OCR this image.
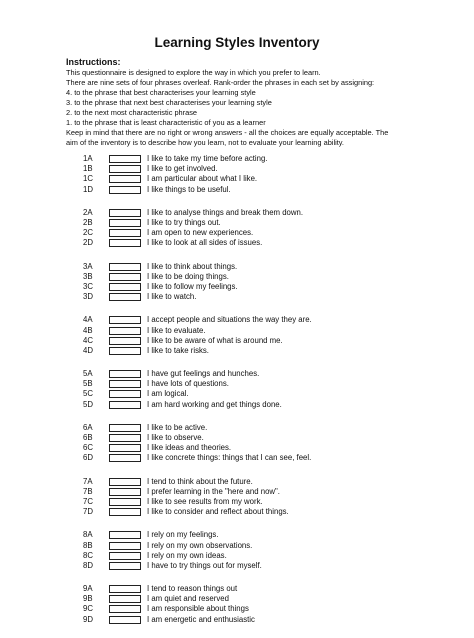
Learning Styles Inventory
Instructions:
This questionnaire is designed to explore the way in which you prefer to learn.
There are nine sets of four phrases overleaf. Rank-order the phrases in each set by assigning:
4. to the phrase that best characterises your learning style
3. to the phrase that next best characterises your learning style
2. to the next most characteristic phrase
1. to the phrase that is least characteristic of you as a learner
Keep in mind that there are no right or wrong answers - all the choices are equally acceptable. The
aim of the inventory is to describe how you learn, not to evaluate your learning ability.
1A	I like to take my time before acting.
1B	I like to get involved.
1C	I am particular about what I like.
1D	I like things to be useful.
2A	I like to analyse things and break them down.
2B	I like to try things out.
2C	I am open to new experiences.
2D	I like to look at all sides of issues.
3A	I like to think about things.
3B	I like to be doing things.
3C	I like to follow my feelings.
3D	I like to watch.
4A	I accept people and situations the way they are.
4B	I like to evaluate.
4C	I like to be aware of what is around me.
4D	I like to take risks.
5A	I have gut feelings and hunches.
5B	I have lots of questions.
5C	I am logical.
5D	I am hard working and get things done.
6A	I like to be active.
6B	I like to observe.
6C	I like ideas and theories.
6D	I like concrete things: things that I can see, feel.
7A	I tend to think about the future.
7B	I prefer learning in the "here and now".
7C	I like to see results from my work.
7D	I like to consider and reflect about things.
8A	I rely on my feelings.
8B	I rely on my own observations.
8C	I rely on my own ideas.
8D	I have to try things out for myself.
9A	I tend to reason things out
9B	I am quiet and reserved
9C	I am responsible about things
9D	I am energetic and enthusiastic
